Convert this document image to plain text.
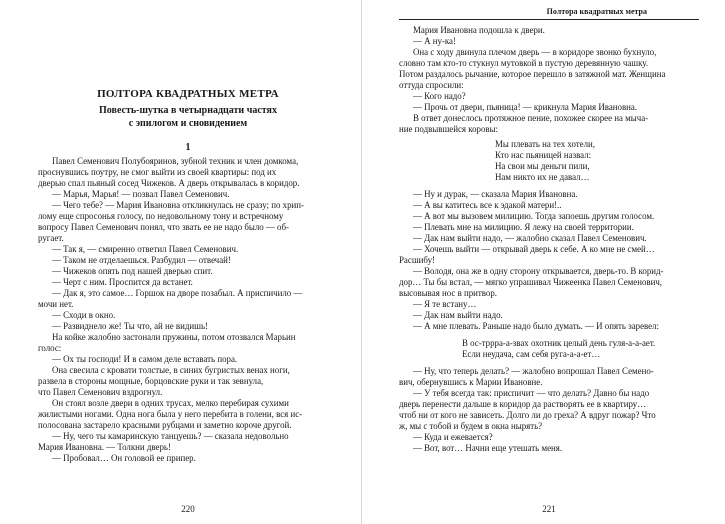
ПОЛТОРА КВАДРАТНЫХ МЕТРА
Повесть-шутка в четырнадцати частях
с эпилогом и сновидением
1
Павел Семенович Полубояринов, зубной техник и член домкома,
проснувшись поутру, не смог выйти из своей квартиры: под их
дверью спал пьяный сосед Чижеков. А дверь открывалась в коридор.
— Марья, Марья! — позвал Павел Семенович.
— Чего тебе? — Мария Ивановна откликнулась не сразу; по хрип-
лому еще спросонья голосу, по недовольному тону и встречному
вопросу Павел Семенович понял, что звать ее не надо было — об-
ругает.
— Так я, — смиренно ответил Павел Семенович.
— Таком не отделаешься. Разбудил — отвечай!
— Чижеков опять под нашей дверью спит.
— Черт с ним. Проспится да встанет.
— Дак я, это самое… Горшок на дворе позабыл. А приспичило —
мочи нет.
— Сходи в окно.
— Развиднело же! Ты что, ай не видишь!
На койке жалобно застонали пружины, потом отозвался Марьин
голос:
— Ох ты господи! И в самом деле вставать пора.
Она свесила с кровати толстые, в синих бугристых венах ноги,
развела в стороны мощные, борцовские руки и так зевнула,
что Павел Семенович вздрогнул.
Он стоял возле двери в одних трусах, мелко перебирая сухими
жилистыми ногами. Одна нога была у него перебита в голени, вся ис-
полосована застарело красными рубцами и заметно короче другой.
— Ну, чего ты камаринскую танцуешь? — сказала недовольно
Мария Ивановна. — Толкни дверь!
— Пробовал… Он головой ее припер.
220
Полтора квадратных метра
Мария Ивановна подошла к двери.
— А ну-ка!
Она с ходу двинула плечом дверь — в коридоре звонко бухнуло,
словно там кто-то стукнул мутовкой в пустую деревянную чашку.
Потом раздалось рычание, которое перешло в затяжной мат. Женщина
оттуда спросили:
— Кого надо?
— Прочь от двери, пьяница! — крикнула Мария Ивановна.
В ответ донеслось протяжное пение, похожее скорее на мыча-
ние подвывшейся коровы:
Мы плевать на тех хотели,
Кто нас пьяницей назвал:
На свои мы деньги пили,
Нам никто их не давал…
— Ну и дурак, — сказала Мария Ивановна.
— А вы катитесь все к эдакой матери!..
— А вот мы вызовем милицию. Тогда запоешь другим голосом.
— Плевать мне на милицию. Я лежу на своей территории.
— Дак нам выйти надо, — жалобно сказал Павел Семенович.
— Хочешь выйти — открывай дверь к себе. А ко мне не смей…
Расшибу!
— Володя, она же в одну сторону открывается, дверь-то. В корид-
дор… Ты бы встал, — мягко упрашивал Чижеенка Павел Семенович,
высовывая нос в притвор.
— Я те встану…
— Дак нам выйти надо.
— А мне плевать. Раньше надо было думать. — И опять заревел:
В ос-тррра-а-звах охотник целый день гуля-а-а-ает.
Если неудача, сам себя руга-а-а-ет…
— Ну, что теперь делать? — жалобно вопрошал Павел Семено-
вич, обернувшись к Марии Ивановне.
— У тебя всегда так: приспичит — что делать? Давно бы надо
дверь перенести дальше в коридор да растворять ее в квартиру…
чтоб ни от кого не зависеть. Долго ли до греха? А вдруг пожар? Что
ж, мы с тобой и будем в окна нырять?
— Куда и ежевается?
— Вот, вот… Начни еще утешать меня.
221
